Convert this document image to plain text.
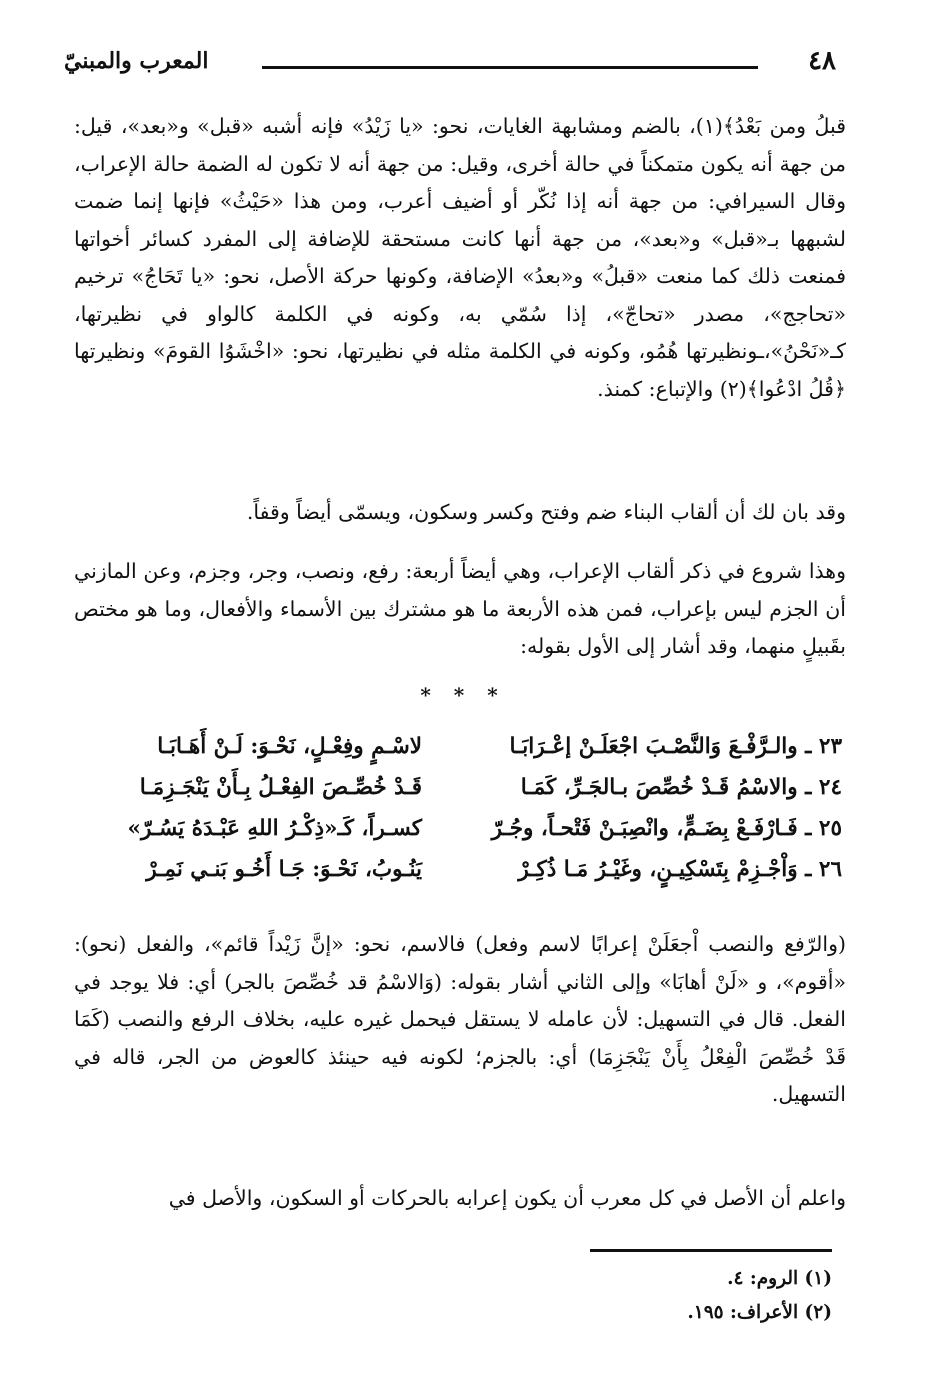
٤٨
المعرب والمبنيّ

قبلُ ومن بَعْدُ﴾(١)، بالضم ومشابهة الغايات، نحو: «يا زَيْدُ» فإنه أشبه «قبل» و«بعد»، قيل: من جهة أنه يكون متمكناً في حالة أخرى، وقيل: من جهة أنه لا تكون له الضمة حالة الإعراب، وقال السيرافي: من جهة أنه إذا نُكّر أو أضيف أعرب، ومن هذا «حَيْثُ» فإنها إنما ضمت لشبهها بـ«قبل» و«بعد»، من جهة أنها كانت مستحقة للإضافة إلى المفرد كسائر أخواتها فمنعت ذلك كما منعت «قبلُ» و«بعدُ» الإضافة، وكونها حركة الأصل، نحو: «يا تَحَاجُ» ترخيم «تحاجج»، مصدر «تحاجّ»، إذا سُمّي به، وكونه في الكلمة كالواو في نظيرتها، كـ«نَحْنُ»،ـونظيرتها هُمُو، وكونه في الكلمة مثله في نظيرتها، نحو: «اخْشَوُا القومَ» ونظيرتها ﴿قُلُ ادْعُوا﴾(٢) والإتباع: كمنذ.

وقد بان لك أن ألقاب البناء ضم وفتح وكسر وسكون، ويسمّى أيضاً وقفاً.

وهذا شروع في ذكر ألقاب الإعراب، وهي أيضاً أربعة: رفع، ونصب، وجر، وجزم، وعن المازني أن الجزم ليس بإعراب، فمن هذه الأربعة ما هو مشترك بين الأسماء والأفعال، وما هو مختص بقَبيلٍ منهما، وقد أشار إلى الأول بقوله:

* * *
٢٣ ـ والـرَّفْـعَ وَالنَّصْـبَ اجْعَلَـنْ إعْـرَابَـا
لاسْـمٍ وفِعْـلٍ، نَحْـوَ: لَـنْ أَهَـابَـا
٢٤ ـ والاسْمُ قَـدْ خُصِّصَ بـالجَـرِّ، كَمَـا
قَـدْ خُصِّـصَ الفِعْـلُ بِـأَنْ يَنْجَـزِمَـا
٢٥ ـ فَـارْفَـعْ بِضَـمٍّ، وانْصِبَـنْ فَتْحـاً، وجُـرّ
كسـراً، كَـ«ذِكْـرُ اللهِ عَبْـدَهُ يَسُـرّ»
٢٦ ـ وَاْجْـزِمْ بِتَسْكِيـنٍ، وغَيْـرُ مَـا ذُكِـرْ
يَنُـوبُ، نَحْـوَ: جَـا أَخُـو بَنـي نَمِـرْ

(والرّفع والنصب اْجعَلَنْ إعرابًا لاسم وفعل) فالاسم، نحو: «إنَّ زَيْداً قائم»، والفعل (نحو): «أقوم»، و «لَنْ أهابَا» وإلى الثاني أشار بقوله: (وَالاسْمُ قد خُصِّصَ بالجر) أي: فلا يوجد في الفعل. قال في التسهيل: لأن عامله لا يستقل فيحمل غيره عليه، بخلاف الرفع والنصب (كَمَا قَدْ خُصِّصَ الْفِعْلُ بِأَنْ يَنْجَزِمَا) أي: بالجزم؛ لكونه فيه حينئذ كالعوض من الجر، قاله في التسهيل.

واعلم أن الأصل في كل معرب أن يكون إعرابه بالحركات أو السكون، والأصل في

(١) الروم: ٤.
(٢) الأعراف: ١٩٥.
